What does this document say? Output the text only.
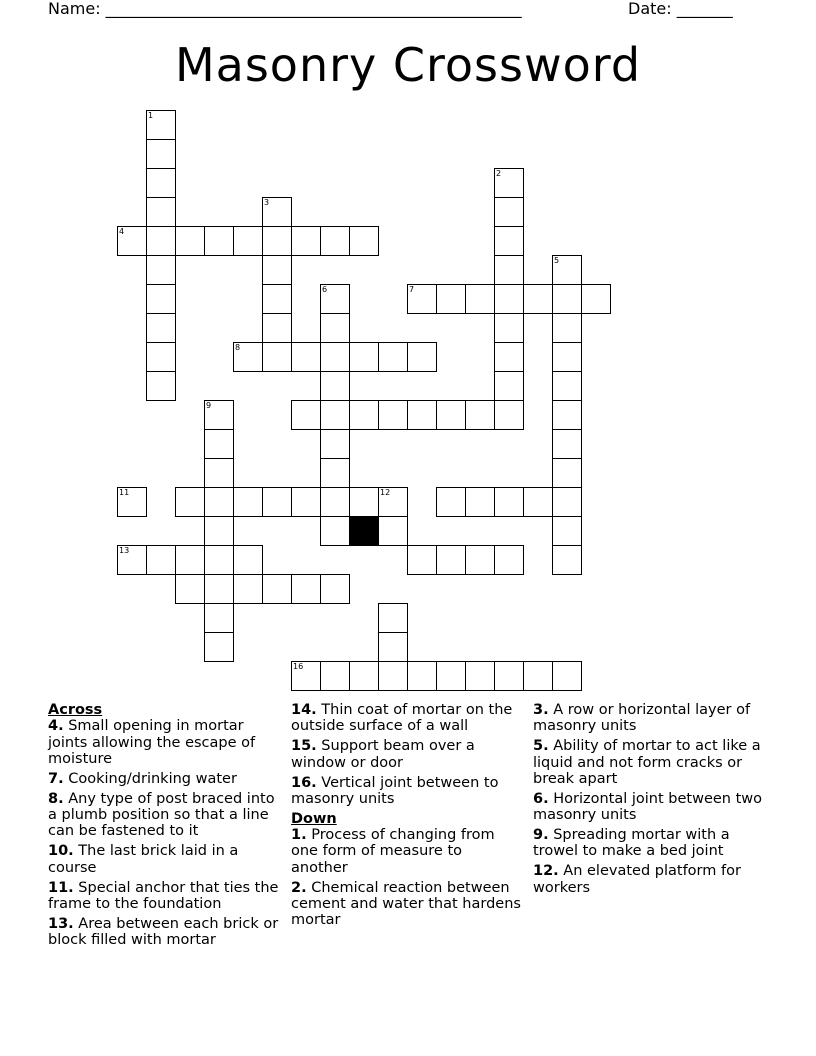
Name: ____________________________________________________	Date: _______
Masonry Crossword
1
2
3
4
5
6	7
8
9
11	12
13
16

Across

4. Small opening in mortar joints allowing the escape of moisture

7. Cooking/drinking water

8. Any type of post braced into a plumb position so that a line can be fastened to it

10. The last brick laid in a course

11. Special anchor that ties the frame to the foundation

13. Area between each brick or block filled with mortar

14. Thin coat of mortar on the outside surface of a wall

15. Support beam over a window or door

16. Vertical joint between to masonry units

Down

1. Process of changing from one form of measure to another

2. Chemical reaction between cement and water that hardens mortar

3. A row or horizontal layer of masonry units

5. Ability of mortar to act like a liquid and not form cracks or break apart

6. Horizontal joint between two masonry units

9. Spreading mortar with a trowel to make a bed joint

12. An elevated platform for workers
